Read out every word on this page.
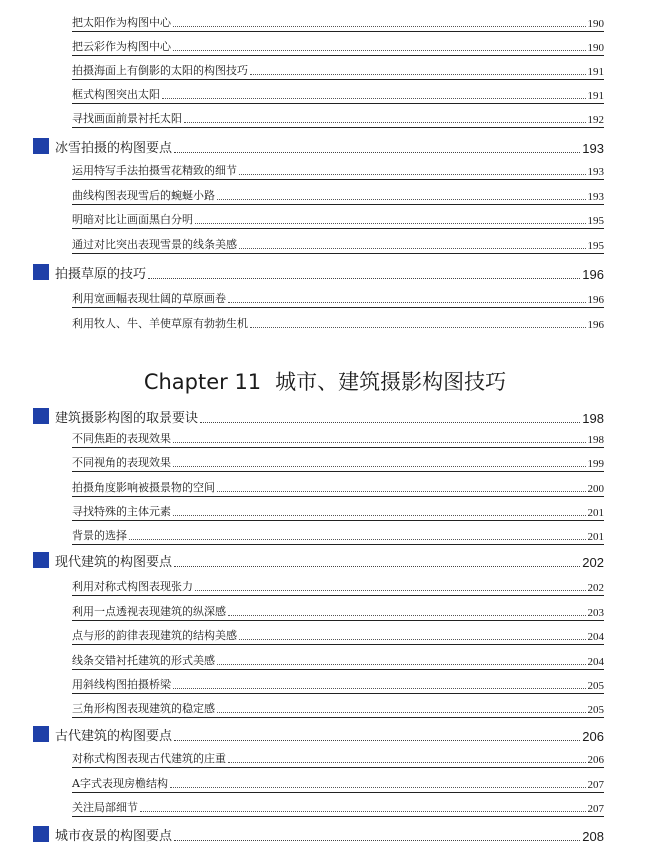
把太阳作为构图中心	190
把云彩作为构图中心	190
拍摄海面上有倒影的太阳的构图技巧	191
框式构图突出太阳	191
寻找画面前景衬托太阳	192
冰雪拍摄的构图要点	193
运用特写手法拍摄雪花精致的细节	193
曲线构图表现雪后的蜿蜒小路	193
明暗对比让画面黑白分明	195
通过对比突出表现雪景的线条美感	195
拍摄草原的技巧	196
利用宽画幅表现壮阔的草原画卷	196
利用牧人、牛、羊使草原有勃勃生机	196
Chapter 11 城市、建筑摄影构图技巧
建筑摄影构图的取景要诀	198
不同焦距的表现效果	198
不同视角的表现效果	199
拍摄角度影响被摄景物的空间	200
寻找特殊的主体元素	201
背景的选择	201
现代建筑的构图要点	202
利用对称式构图表现张力	202
利用一点透视表现建筑的纵深感	203
点与形的韵律表现建筑的结构美感	204
线条交错衬托建筑的形式美感	204
用斜线构图拍摄桥梁	205
三角形构图表现建筑的稳定感	205
古代建筑的构图要点	206
对称式构图表现古代建筑的庄重	206
A字式表现房檐结构	207
关注局部细节	207
城市夜景的构图要点	208
